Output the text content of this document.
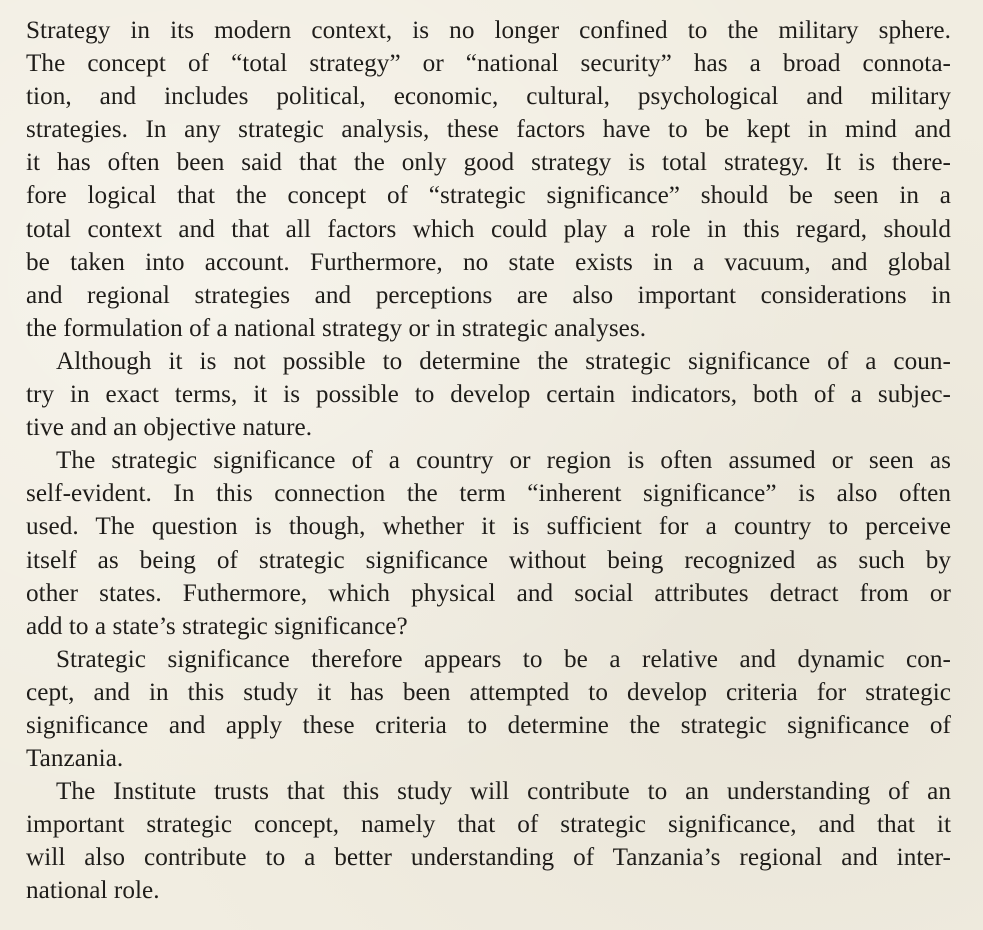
Strategy in its modern context, is no longer confined to the military sphere.
The concept of “total strategy” or “national security” has a broad connota-
tion, and includes political, economic, cultural, psychological and military
strategies. In any strategic analysis, these factors have to be kept in mind and
it has often been said that the only good strategy is total strategy. It is there-
fore logical that the concept of “strategic significance” should be seen in a
total context and that all factors which could play a role in this regard, should
be taken into account. Furthermore, no state exists in a vacuum, and global
and regional strategies and perceptions are also important considerations in
the formulation of a national strategy or in strategic analyses.

Although it is not possible to determine the strategic significance of a coun-
try in exact terms, it is possible to develop certain indicators, both of a subjec-
tive and an objective nature.

The strategic significance of a country or region is often assumed or seen as
self-evident. In this connection the term “inherent significance” is also often
used. The question is though, whether it is sufficient for a country to perceive
itself as being of strategic significance without being recognized as such by
other states. Futhermore, which physical and social attributes detract from or
add to a state’s strategic significance?

Strategic significance therefore appears to be a relative and dynamic con-
cept, and in this study it has been attempted to develop criteria for strategic
significance and apply these criteria to determine the strategic significance of
Tanzania.

The Institute trusts that this study will contribute to an understanding of an
important strategic concept, namely that of strategic significance, and that it
will also contribute to a better understanding of Tanzania’s regional and inter-
national role.
